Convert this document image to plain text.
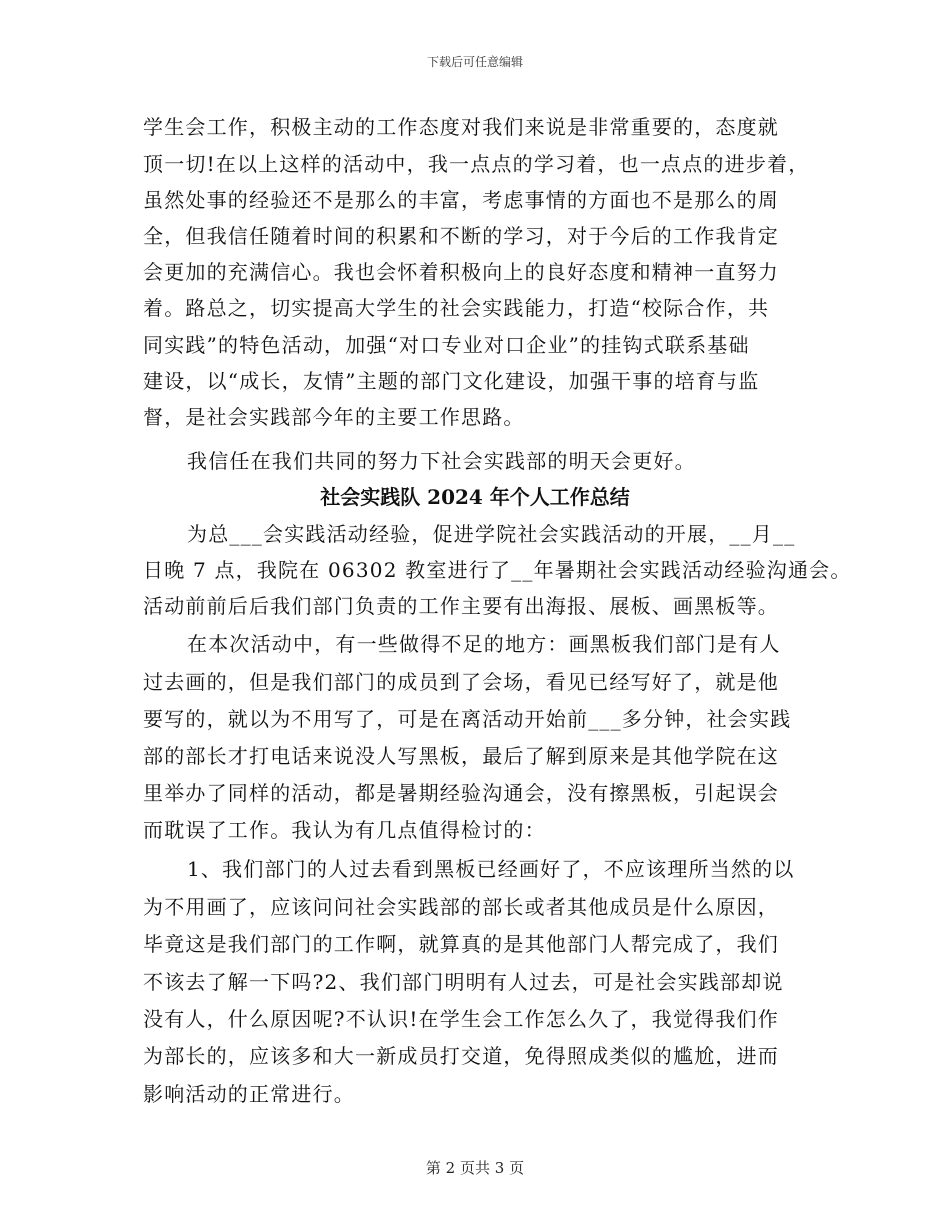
下载后可任意编辑
学生会工作，积极主动的工作态度对我们来说是非常重要的，态度就
顶一切!在以上这样的活动中，我一点点的学习着，也一点点的进步着，
虽然处事的经验还不是那么的丰富，考虑事情的方面也不是那么的周
全，但我信任随着时间的积累和不断的学习，对于今后的工作我肯定
会更加的充满信心。我也会怀着积极向上的良好态度和精神一直努力
着。路总之，切实提高大学生的社会实践能力，打造“校际合作，共
同实践”的特色活动，加强“对口专业对口企业”的挂钩式联系基础
建设，以“成长，友情”主题的部门文化建设，加强干事的培育与监
督，是社会实践部今年的主要工作思路。
我信任在我们共同的努力下社会实践部的明天会更好。
社会实践队 2024 年个人工作总结
为总___会实践活动经验，促进学院社会实践活动的开展，__月__
日晚 7 点，我院在 06302 教室进行了__年暑期社会实践活动经验沟通会。
活动前前后后我们部门负责的工作主要有出海报、展板、画黑板等。
在本次活动中，有一些做得不足的地方：画黑板我们部门是有人
过去画的，但是我们部门的成员到了会场，看见已经写好了，就是他
要写的，就以为不用写了，可是在离活动开始前___多分钟，社会实践
部的部长才打电话来说没人写黑板，最后了解到原来是其他学院在这
里举办了同样的活动，都是暑期经验沟通会，没有擦黑板，引起误会
而耽误了工作。我认为有几点值得检讨的：
1、我们部门的人过去看到黑板已经画好了，不应该理所当然的以
为不用画了，应该问问社会实践部的部长或者其他成员是什么原因，
毕竟这是我们部门的工作啊，就算真的是其他部门人帮完成了，我们
不该去了解一下吗?2、我们部门明明有人过去，可是社会实践部却说
没有人，什么原因呢?不认识!在学生会工作怎么久了，我觉得我们作
为部长的，应该多和大一新成员打交道，免得照成类似的尴尬，进而
影响活动的正常进行。
第 2 页共 3 页
